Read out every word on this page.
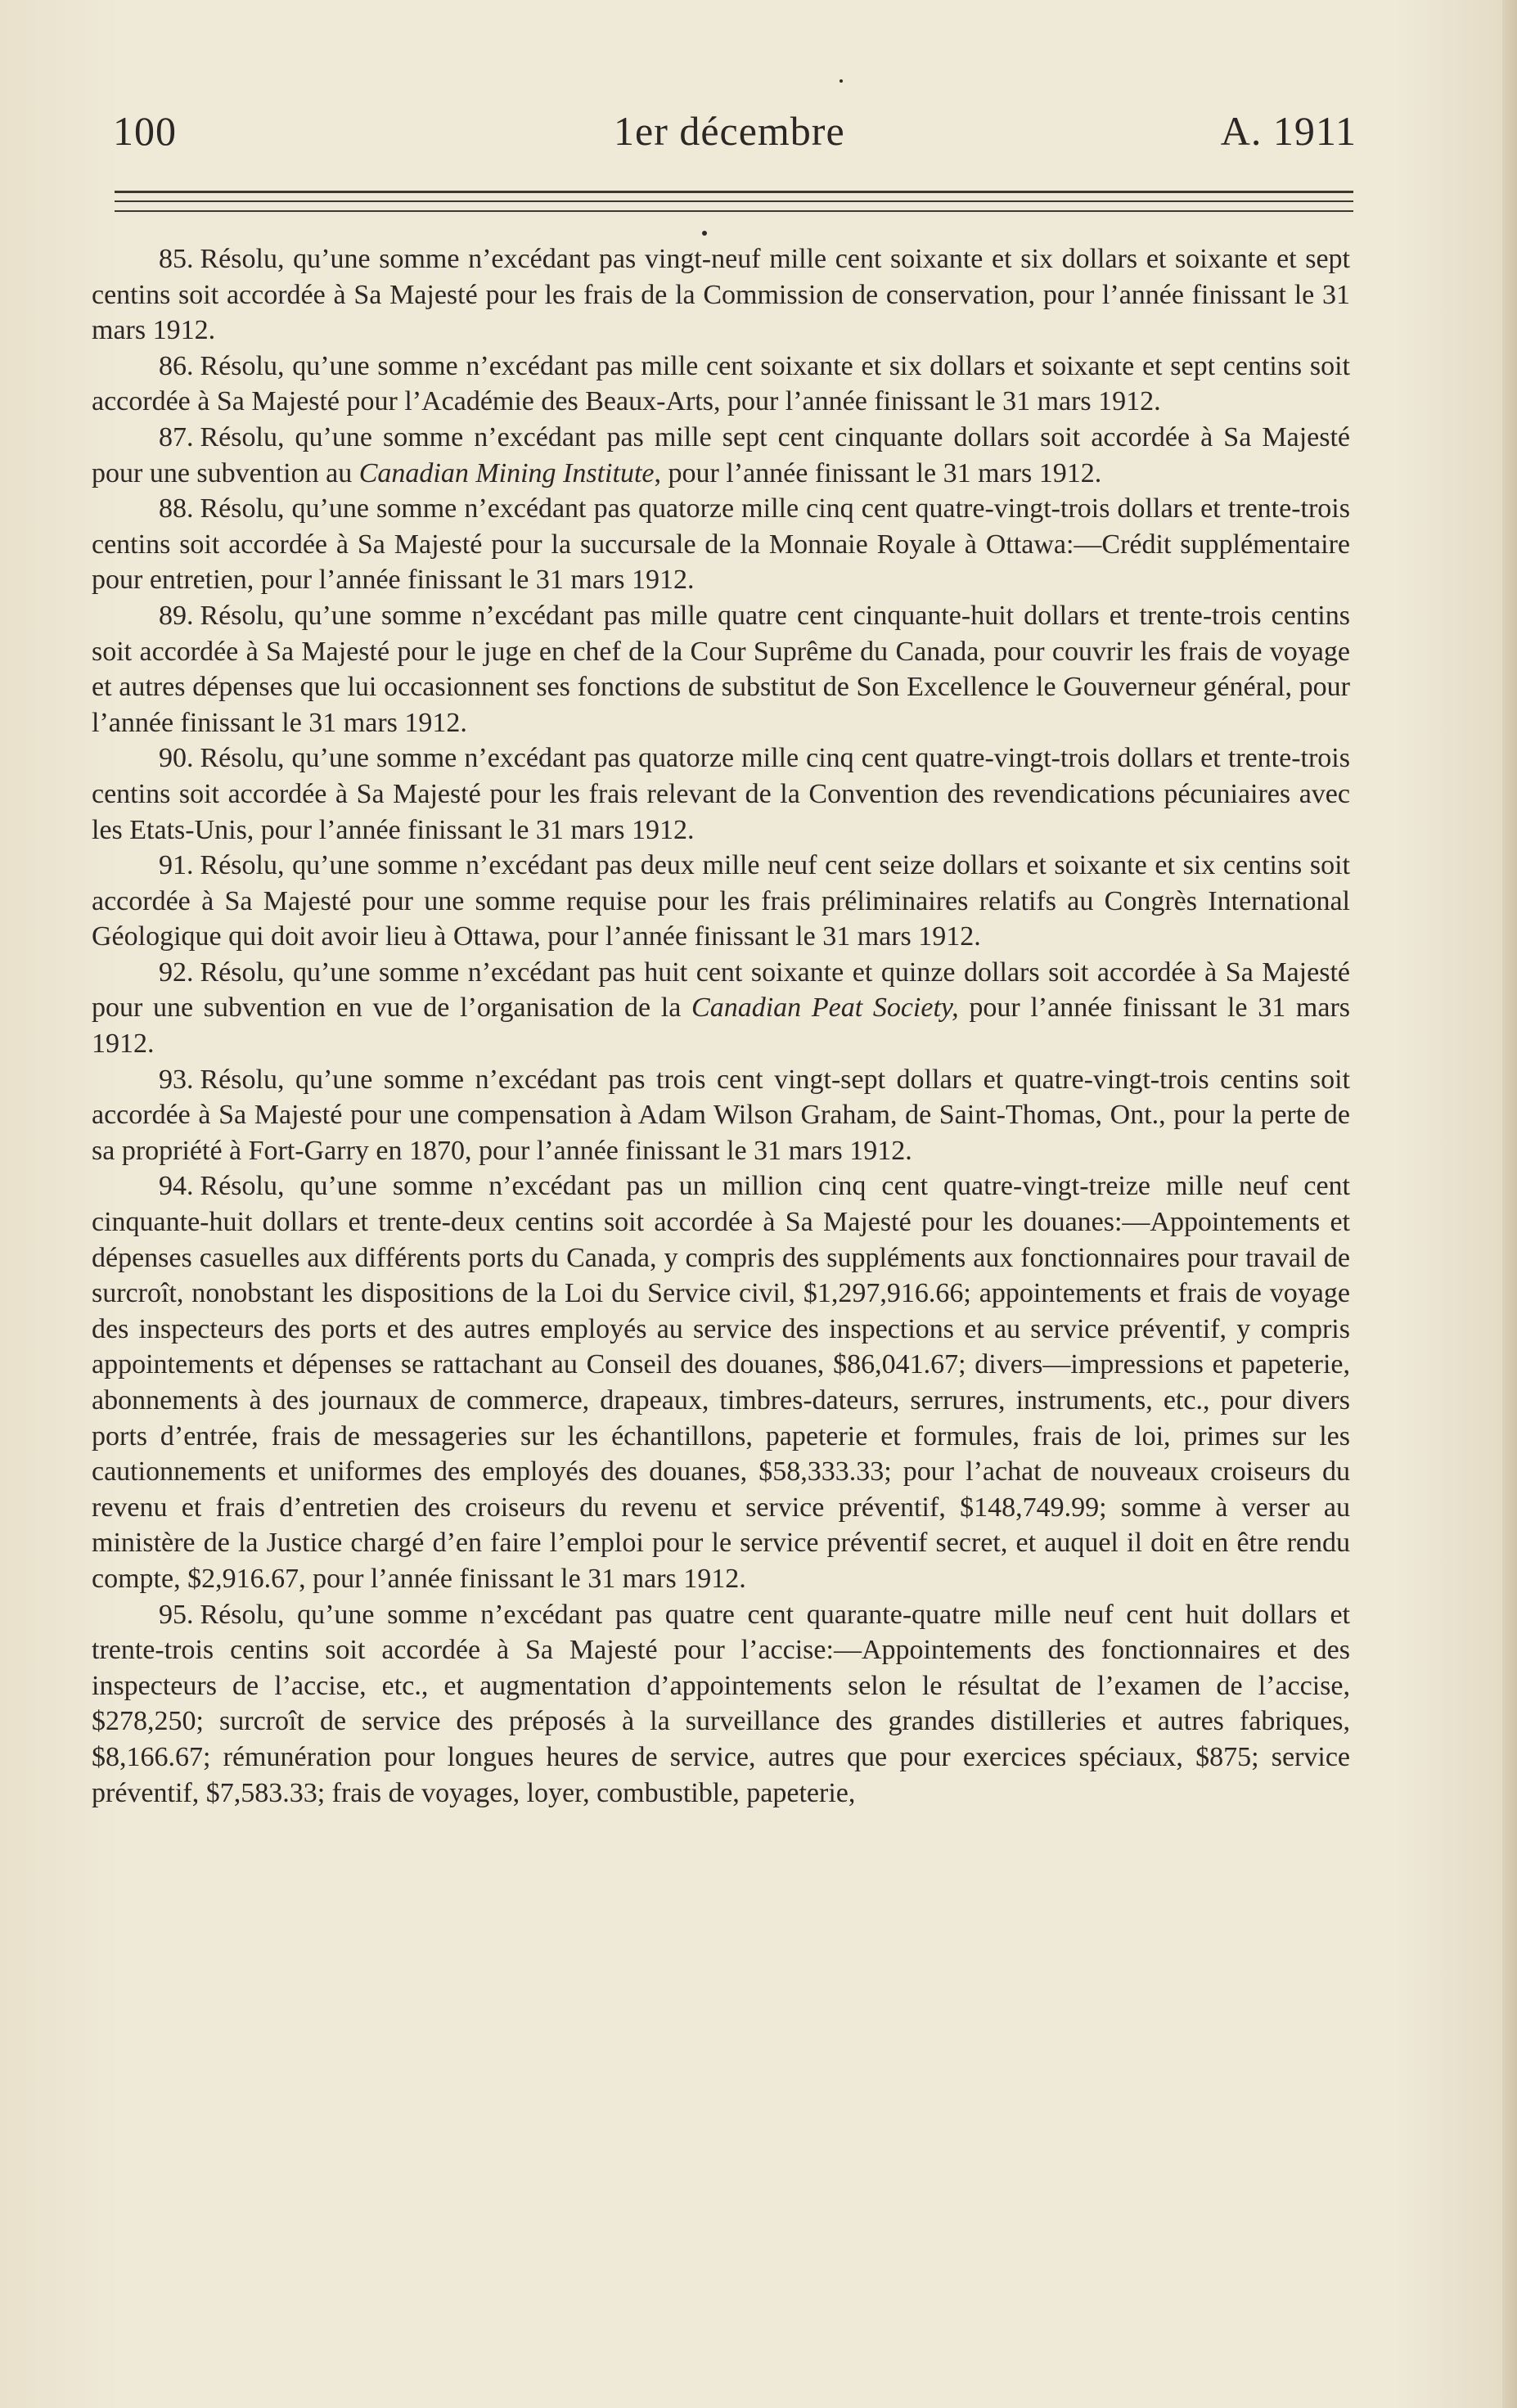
100	1er décembre	A. 1911

85. Résolu, qu’une somme n’excédant pas vingt-neuf mille cent soixante et six dollars et soixante et sept centins soit accordée à Sa Majesté pour les frais de la Commission de conservation, pour l’année finissant le 31 mars 1912.

86. Résolu, qu’une somme n’excédant pas mille cent soixante et six dollars et soixante et sept centins soit accordée à Sa Majesté pour l’Académie des Beaux-Arts, pour l’année finissant le 31 mars 1912.

87. Résolu, qu’une somme n’excédant pas mille sept cent cinquante dollars soit accordée à Sa Majesté pour une subvention au Canadian Mining Institute, pour l’année finissant le 31 mars 1912.

88. Résolu, qu’une somme n’excédant pas quatorze mille cinq cent quatre-vingt-trois dollars et trente-trois centins soit accordée à Sa Majesté pour la succursale de la Monnaie Royale à Ottawa:—Crédit supplémentaire pour entretien, pour l’année finissant le 31 mars 1912.

89. Résolu, qu’une somme n’excédant pas mille quatre cent cinquante-huit dollars et trente-trois centins soit accordée à Sa Majesté pour le juge en chef de la Cour Suprême du Canada, pour couvrir les frais de voyage et autres dépenses que lui occasionnent ses fonctions de substitut de Son Excellence le Gouverneur général, pour l’année finissant le 31 mars 1912.

90. Résolu, qu’une somme n’excédant pas quatorze mille cinq cent quatre-vingt-trois dollars et trente-trois centins soit accordée à Sa Majesté pour les frais relevant de la Convention des revendications pécuniaires avec les Etats-Unis, pour l’année finissant le 31 mars 1912.

91. Résolu, qu’une somme n’excédant pas deux mille neuf cent seize dollars et soixante et six centins soit accordée à Sa Majesté pour une somme requise pour les frais préliminaires relatifs au Congrès International Géologique qui doit avoir lieu à Ottawa, pour l’année finissant le 31 mars 1912.

92. Résolu, qu’une somme n’excédant pas huit cent soixante et quinze dollars soit accordée à Sa Majesté pour une subvention en vue de l’organisation de la Canadian Peat Society, pour l’année finissant le 31 mars 1912.

93. Résolu, qu’une somme n’excédant pas trois cent vingt-sept dollars et quatre-vingt-trois centins soit accordée à Sa Majesté pour une compensation à Adam Wilson Graham, de Saint-Thomas, Ont., pour la perte de sa propriété à Fort-Garry en 1870, pour l’année finissant le 31 mars 1912.

94. Résolu, qu’une somme n’excédant pas un million cinq cent quatre-vingt-treize mille neuf cent cinquante-huit dollars et trente-deux centins soit accordée à Sa Majesté pour les douanes:—Appointements et dépenses casuelles aux différents ports du Canada, y compris des suppléments aux fonctionnaires pour travail de surcroît, nonobstant les dispositions de la Loi du Service civil, $1,297,916.66; appointements et frais de voyage des inspecteurs des ports et des autres employés au service des inspections et au service préventif, y compris appointements et dépenses se rattachant au Conseil des douanes, $86,041.67; divers—impressions et papeterie, abonnements à des journaux de commerce, drapeaux, timbres-dateurs, serrures, instruments, etc., pour divers ports d’entrée, frais de messageries sur les échantillons, papeterie et formules, frais de loi, primes sur les cautionnements et uniformes des employés des douanes, $58,333.33; pour l’achat de nouveaux croiseurs du revenu et frais d’entretien des croiseurs du revenu et service préventif, $148,749.99; somme à verser au ministère de la Justice chargé d’en faire l’emploi pour le service préventif secret, et auquel il doit en être rendu compte, $2,916.67, pour l’année finissant le 31 mars 1912.

95. Résolu, qu’une somme n’excédant pas quatre cent quarante-quatre mille neuf cent huit dollars et trente-trois centins soit accordée à Sa Majesté pour l’accise:—Appointements des fonctionnaires et des inspecteurs de l’accise, etc., et augmentation d’appointements selon le résultat de l’examen de l’accise, $278,250; surcroît de service des préposés à la surveillance des grandes distilleries et autres fabriques, $8,166.67; rémunération pour longues heures de service, autres que pour exercices spéciaux, $875; service préventif, $7,583.33; frais de voyages, loyer, combustible, papeterie,
